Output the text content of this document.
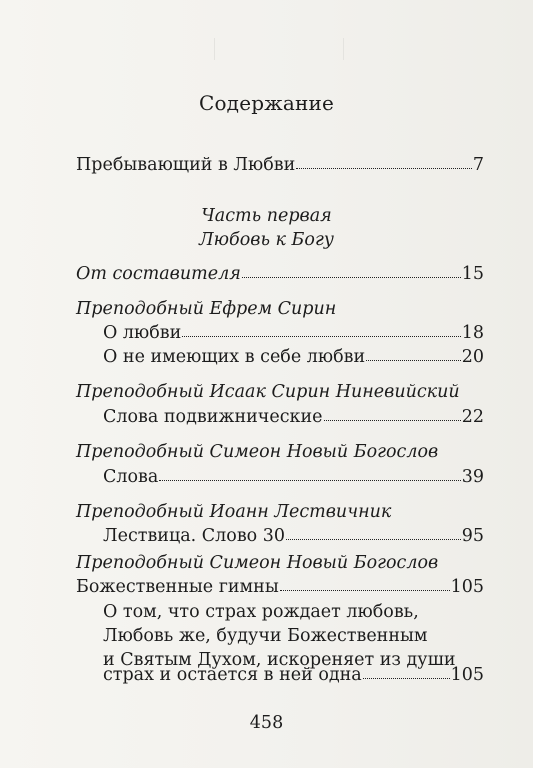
Содержание
Пребывающий в Любви	7
Часть первая
Любовь к Богу
От составителя	15
Преподобный Ефрем Сирин
О любви	18
О не имеющих в себе любви	20
Преподобный Исаак Сирин Ниневийский
Слова подвижнические	22
Преподобный Симеон Новый Богослов
Слова	39
Преподобный Иоанн Лествичник
Лествица. Слово 30	95
Преподобный Симеон Новый Богослов
Божественные гимны	105
О том, что страх рождает любовь,
Любовь же, будучи Божественным
и Святым Духом, искореняет из души
страх и остается в ней одна	105
458
